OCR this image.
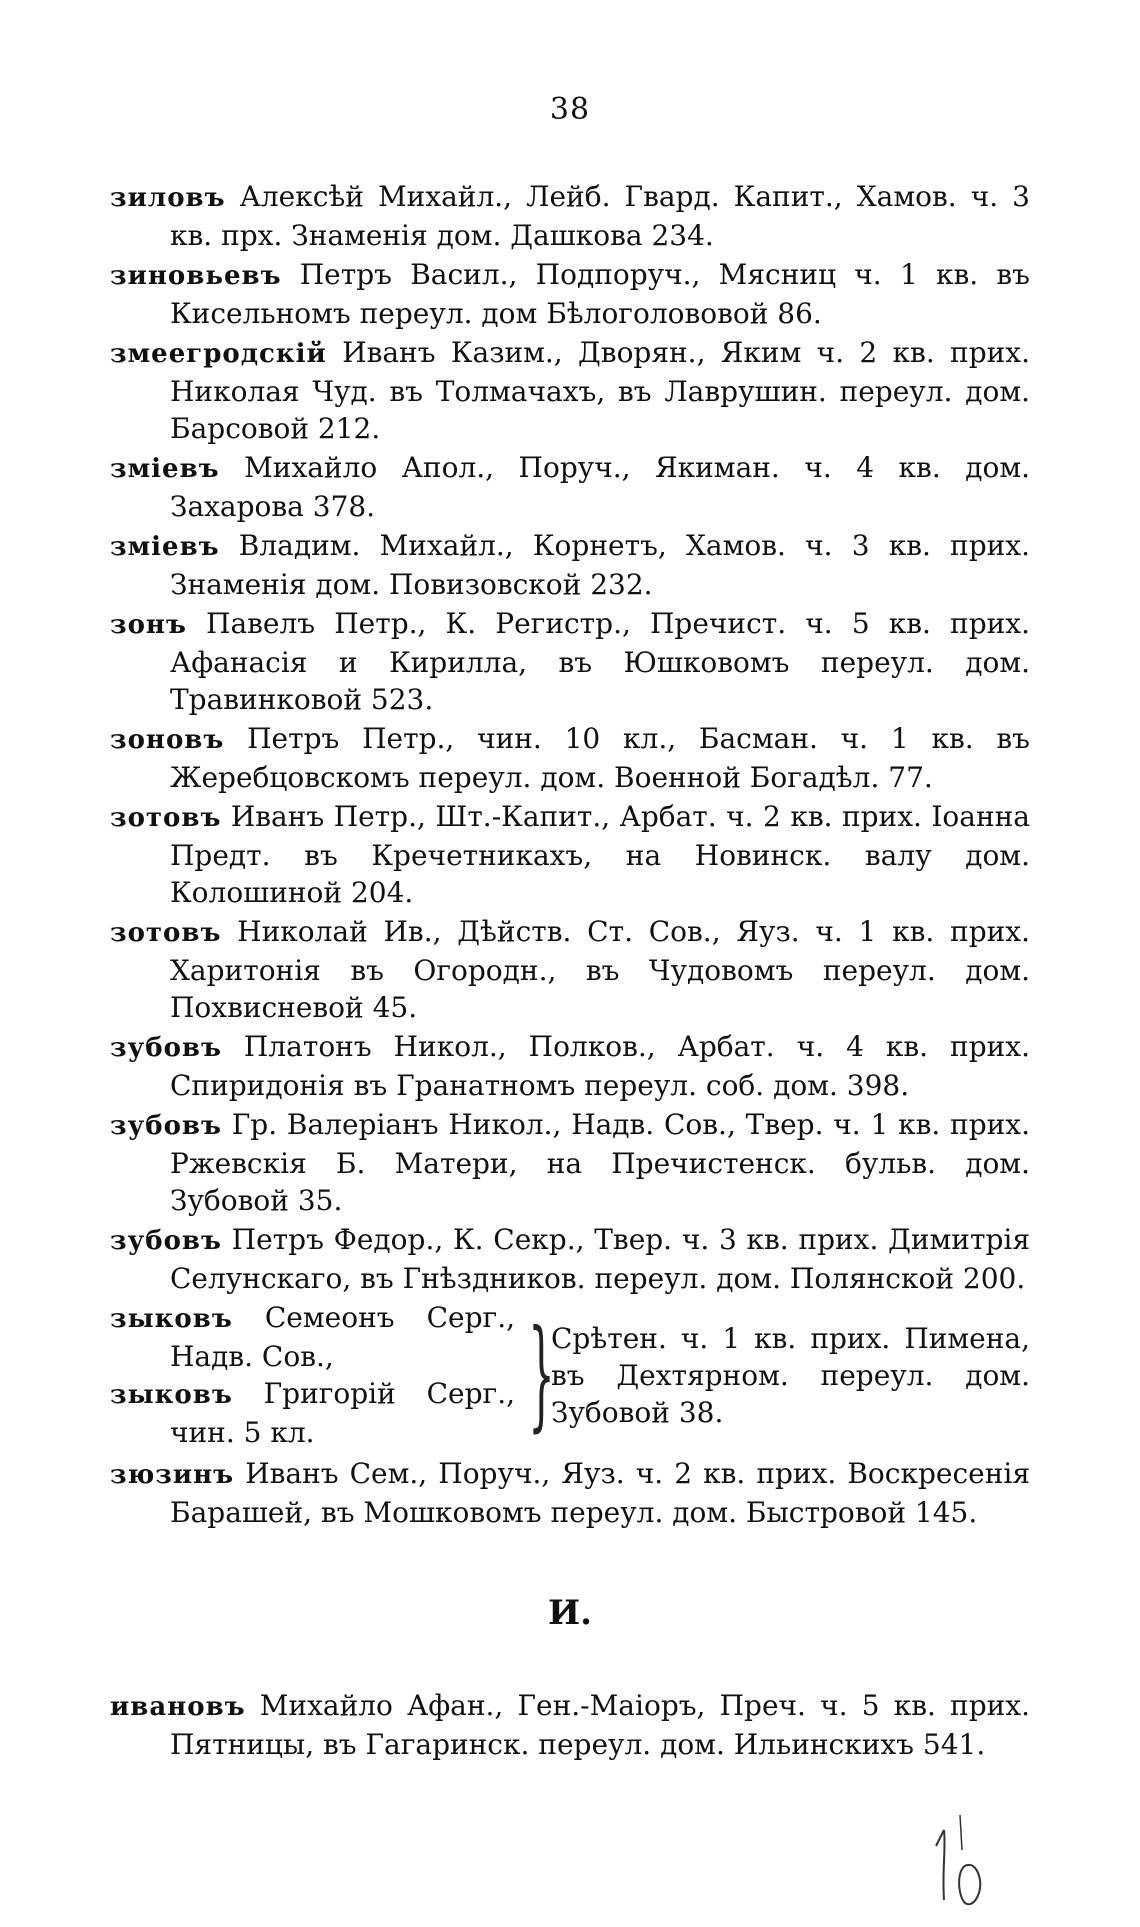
38
зиловъ Алексѣй Михайл., Лейб. Гвард. Капит., Хамов. ч. 3 кв. прх. Знаменія дом. Дашкова 234.
зиновьевъ Петръ Васил., Подпоруч., Мясниц ч. 1 кв. въ Кисельномъ переул. дом Бѣлоголововой 86.
змеегродскій Иванъ Казим., Дворян., Яким ч. 2 кв. прих. Николая Чуд. въ Толмачахъ, въ Лаврушин. переул. дом. Барсовой 212.
зміевъ Михайло Апол., Поруч., Якиман. ч. 4 кв. дом. Захарова 378.
зміевъ Владим. Михайл., Корнетъ, Хамов. ч. 3 кв. прих. Знаменія дом. Повизовской 232.
зонъ Павелъ Петр., К. Регистр., Пречист. ч. 5 кв. прих. Афанасія и Кирилла, въ Юшковомъ переул. дом. Травинковой 523.
зоновъ Петръ Петр., чин. 10 кл., Басман. ч. 1 кв. въ Жеребцовскомъ переул. дом. Военной Богадѣл. 77.
зотовъ Иванъ Петр., Шт.-Капит., Арбат. ч. 2 кв. прих. Іоанна Предт. въ Кречетникахъ, на Новинск. валу дом. Колошиной 204.
зотовъ Николай Ив., Дѣйств. Ст. Сов., Яуз. ч. 1 кв. прих. Харитонія въ Огородн., въ Чудовомъ переул. дом. Похвисневой 45.
зубовъ Платонъ Никол., Полков., Арбат. ч. 4 кв. прих. Спиридонія въ Гранатномъ переул. соб. дом. 398.
зубовъ Гр. Валеріанъ Никол., Надв. Сов., Твер. ч. 1 кв. прих. Ржевскія Б. Матери, на Пречистенск. бульв. дом. Зубовой 35.
зубовъ Петръ Федор., К. Секр., Твер. ч. 3 кв. прих. Димитрія Селунскаго, въ Гнѣздников. переул. дом. Полянской 200.
зыковъ Семеонъ Серг., Надв. Сов.,
зыковъ Григорій Серг., чин. 5 кл.	}
Срѣтен. ч. 1 кв. прих. Пимена, въ Дехтярном. переул. дом. Зубовой 38.
зюзинъ Иванъ Сем., Поруч., Яуз. ч. 2 кв. прих. Воскресенія Барашей, въ Мошковомъ переул. дом. Быстровой 145.
И.
ивановъ Михайло Афан., Ген.-Маіоръ, Преч. ч. 5 кв. прих. Пятницы, въ Гагаринск. переул. дом. Ильинскихъ 541.
